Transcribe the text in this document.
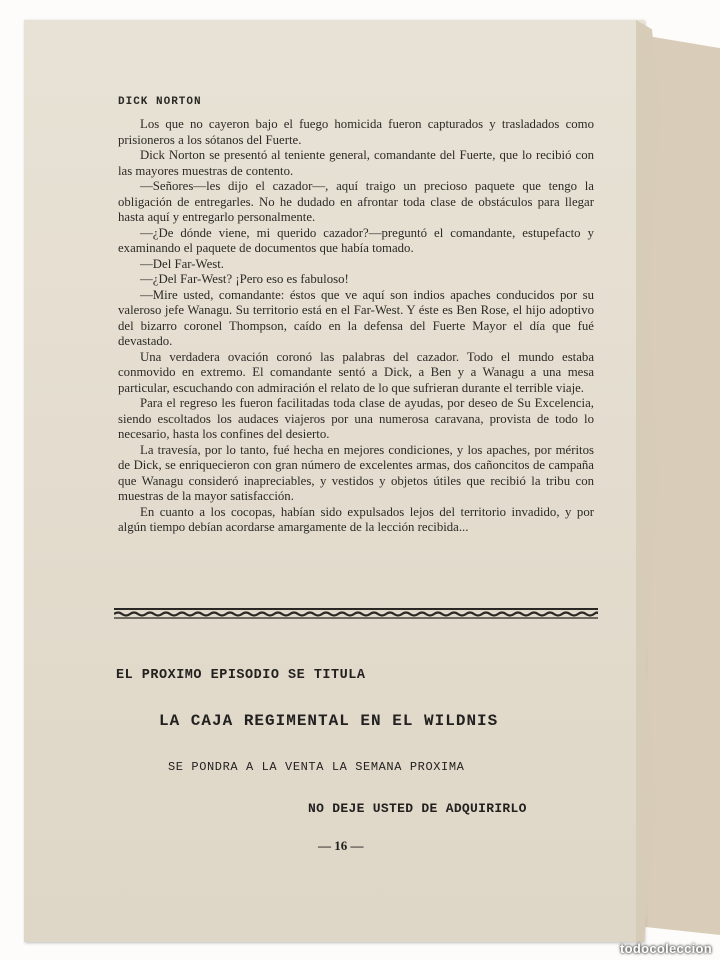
DICK NORTON

Los que no cayeron bajo el fuego homicida fueron capturados y trasladados como prisioneros a los sótanos del Fuerte.

Dick Norton se presentó al teniente general, comandante del Fuerte, que lo recibió con las mayores muestras de contento.

—Señores—les dijo el cazador—, aquí traigo un precioso paquete que tengo la obligación de entregarles. No he dudado en afrontar toda clase de obstáculos para llegar hasta aquí y entregarlo personalmente.

—¿De dónde viene, mi querido cazador?—preguntó el comandante, estupefacto y examinando el paquete de documentos que había tomado.

—Del Far-West.

—¿Del Far-West? ¡Pero eso es fabuloso!

—Mire usted, comandante: éstos que ve aquí son indios apaches conducidos por su valeroso jefe Wanagu. Su territorio está en el Far-West. Y éste es Ben Rose, el hijo adoptivo del bizarro coronel Thompson, caído en la defensa del Fuerte Mayor el día que fué devastado.

Una verdadera ovación coronó las palabras del cazador. Todo el mundo estaba conmovido en extremo. El comandante sentó a Dick, a Ben y a Wanagu a una mesa particular, escuchando con admiración el relato de lo que sufrieran durante el terrible viaje.

Para el regreso les fueron facilitadas toda clase de ayudas, por deseo de Su Excelencia, siendo escoltados los audaces viajeros por una numerosa caravana, provista de todo lo necesario, hasta los confines del desierto.

La travesía, por lo tanto, fué hecha en mejores condiciones, y los apaches, por méritos de Dick, se enriquecieron con gran número de excelentes armas, dos cañoncitos de campaña que Wanagu consideró inapreciables, y vestidos y objetos útiles que recibió la tribu con muestras de la mayor satisfacción.

En cuanto a los cocopas, habían sido expulsados lejos del territorio invadido, y por algún tiempo debían acordarse amargamente de la lección recibida...

EL PROXIMO EPISODIO SE TITULA
LA CAJA REGIMENTAL EN EL WILDNIS
SE PONDRA A LA VENTA LA SEMANA PROXIMA
NO DEJE USTED DE ADQUIRIRLO
— 16 —
todocoleccion
